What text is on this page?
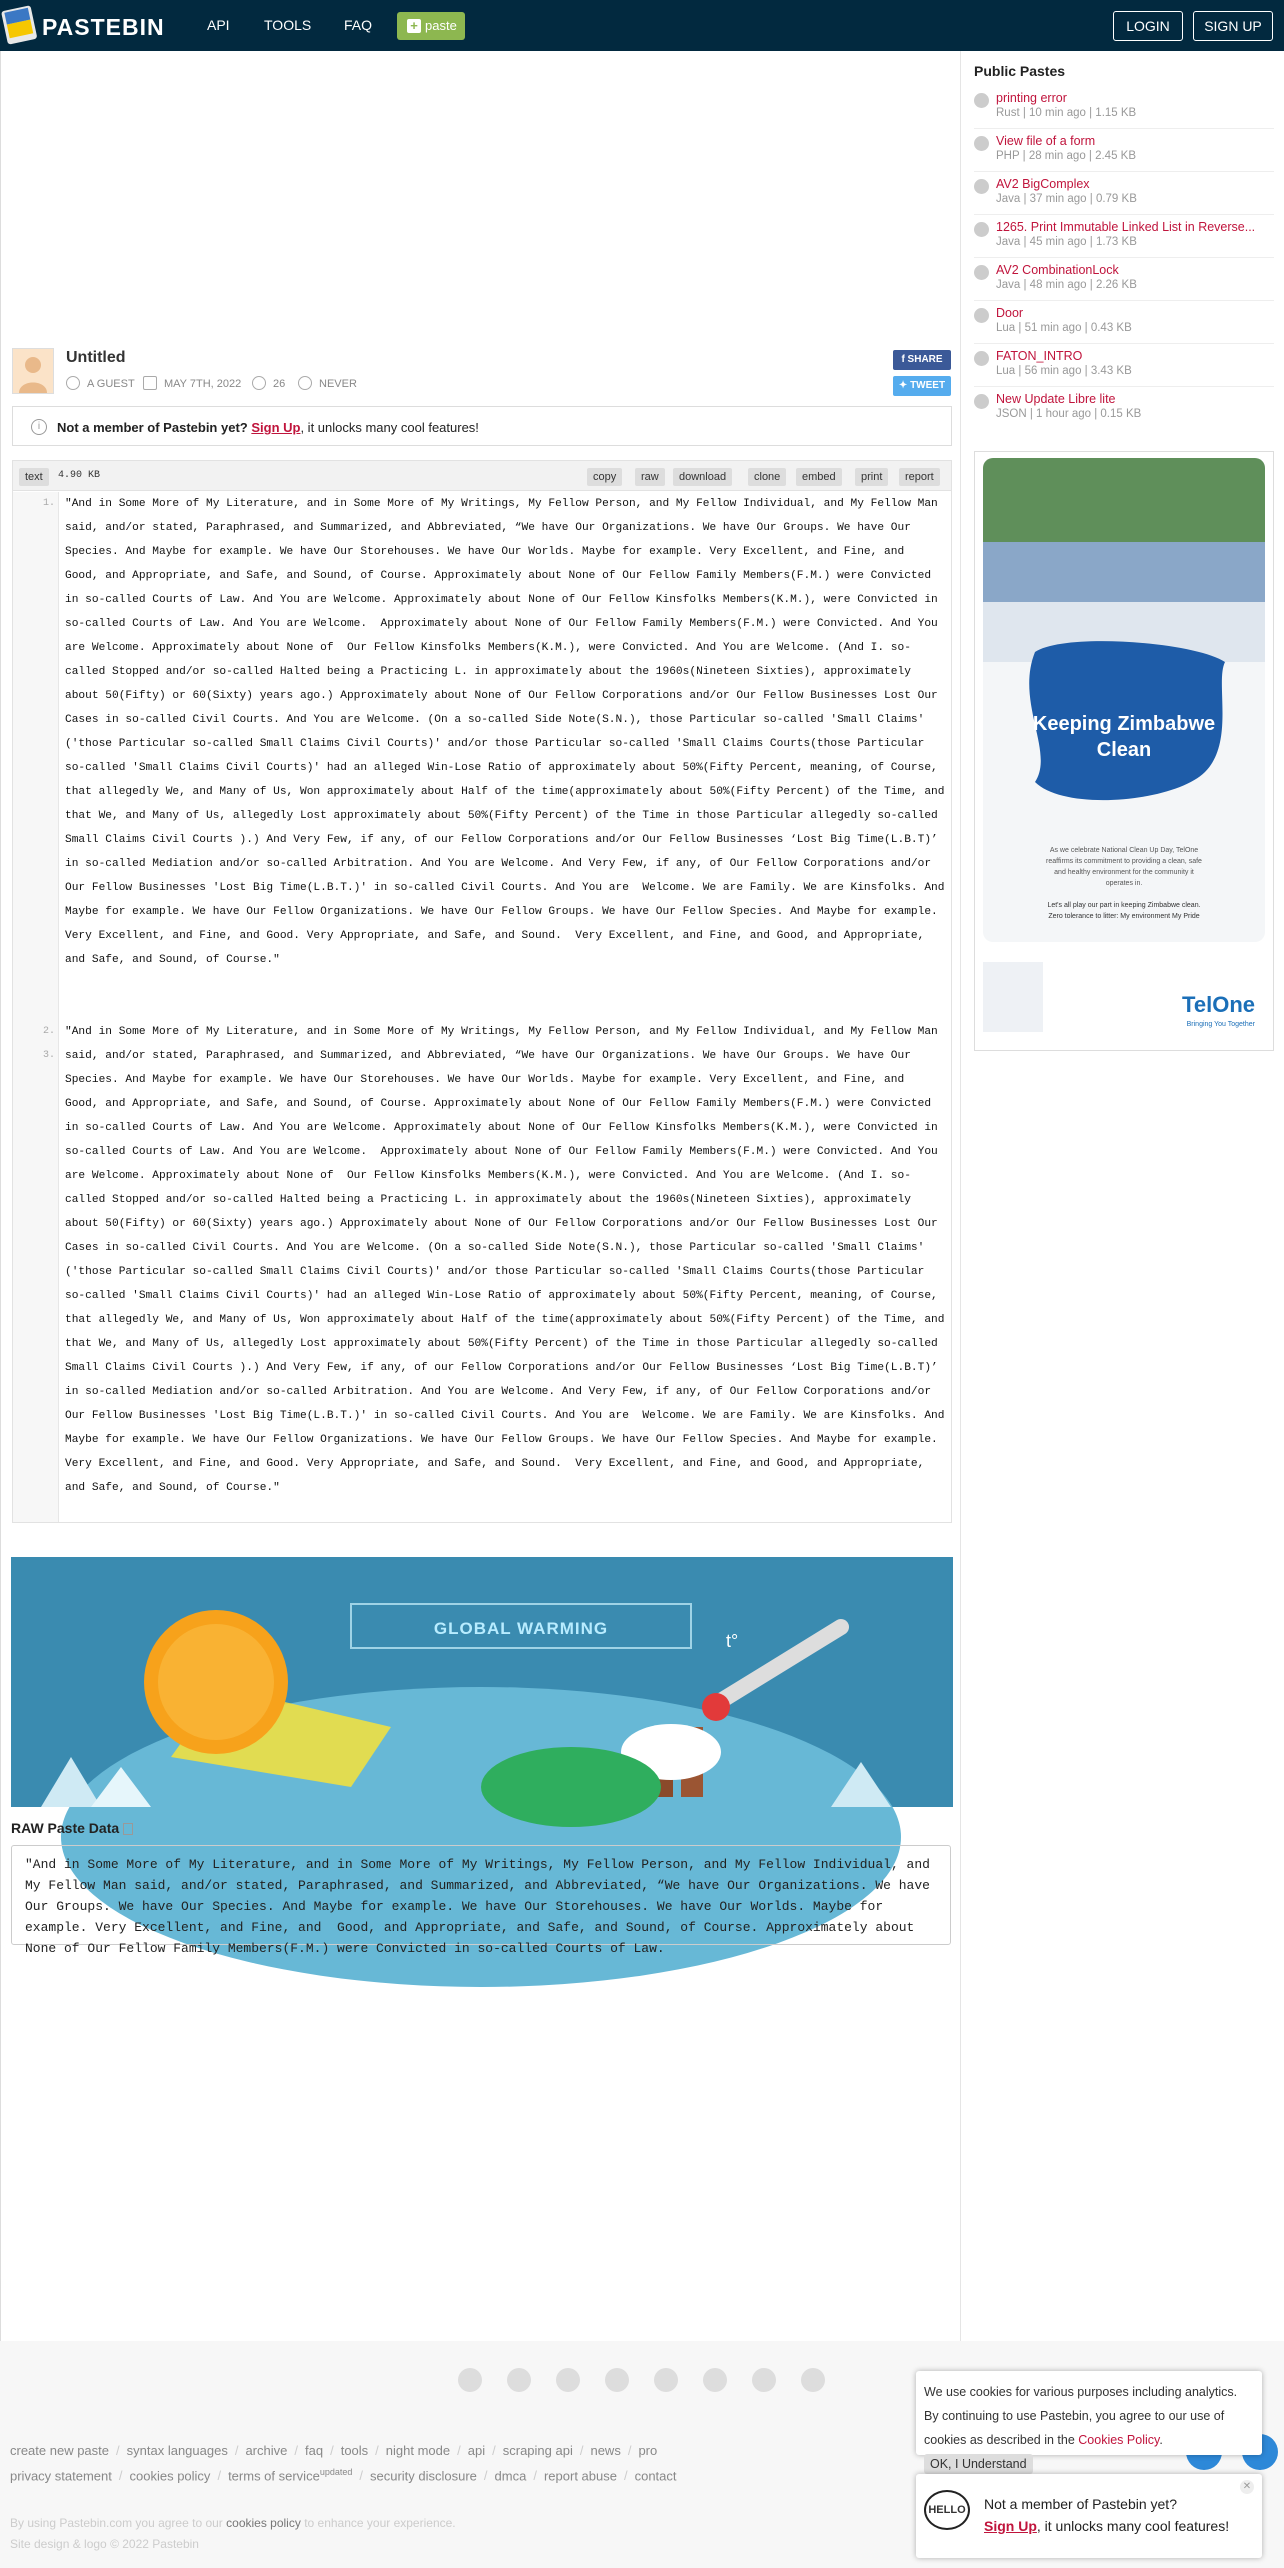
PASTEBIN	API TOOLS FAQ	+ paste	LOGIN	SIGN UP
Public Pastes
printing error
Rust | 10 min ago | 1.15 KB
View file of a form
PHP | 28 min ago | 2.45 KB
AV2 BigComplex
Java | 37 min ago | 0.79 KB
1265. Print Immutable Linked List in Reverse...
Java | 45 min ago | 1.73 KB
AV2 CombinationLock
Java | 48 min ago | 2.26 KB
Door
Lua | 51 min ago | 0.43 KB
FATON_INTRO
Lua | 56 min ago | 3.43 KB
New Update Libre lite
JSON | 1 hour ago | 0.15 KB
Keeping Zimbabwe
Clean
As we celebrate National Clean Up Day, TelOne
reaffirms its commitment to providing a clean, safe
and healthy environment for the community it
operates in.
Let's all play our part in keeping Zimbabwe clean.
Zero tolerance to litter: My environment My Pride
TelOne
Bringing You Together
Untitled
A GUEST	MAY 7TH, 2022	26	NEVER
f SHARE
✦ TWEET
i	Not a member of Pastebin yet? Sign Up, it unlocks many cool features!
text	4.90 KB	copy	raw	download	clone	embed	print	report
1.
2.
3.
"And in Some More of My Literature, and in Some More of My Writings, My Fellow Person, and My Fellow Individual, and My Fellow Man said, and/or stated, Paraphrased, and Summarized, and Abbreviated, “We have Our Organizations. We have Our Groups. We have Our Species. And Maybe for example. We have Our Storehouses. We have Our Worlds. Maybe for example. Very Excellent, and Fine, and  Good, and Appropriate, and Safe, and Sound, of Course. Approximately about None of Our Fellow Family Members(F.M.) were Convicted in so-called Courts of Law. And You are Welcome. Approximately about None of Our Fellow Kinsfolks Members(K.M.), were Convicted in so-called Courts of Law. And You are Welcome.  Approximately about None of Our Fellow Family Members(F.M.) were Convicted. And You are Welcome. Approximately about None of  Our Fellow Kinsfolks Members(K.M.), were Convicted. And You are Welcome. (And I. so-called Stopped and/or so-called Halted being a Practicing L. in approximately about the 1960s(Nineteen Sixties), approximately about 50(Fifty) or 60(Sixty) years ago.) Approximately about None of Our Fellow Corporations and/or Our Fellow Businesses Lost Our Cases in so-called Civil Courts. And You are Welcome. (On a so-called Side Note(S.N.), those Particular so-called 'Small Claims' ('those Particular so-called Small Claims Civil Courts)' and/or those Particular so-called 'Small Claims Courts(those Particular so-called 'Small Claims Civil Courts)' had an alleged Win-Lose Ratio of approximately about 50%(Fifty Percent, meaning, of Course, that allegedly We, and Many of Us, Won approximately about Half of the time(approximately about 50%(Fifty Percent) of the Time, and that We, and Many of Us, allegedly Lost approximately about 50%(Fifty Percent) of the Time in those Particular allegedly so-called Small Claims Civil Courts ).) And Very Few, if any, of our Fellow Corporations and/or Our Fellow Businesses ‘Lost Big Time(L.B.T)’ in so-called Mediation and/or so-called Arbitration. And You are Welcome. And Very Few, if any, of Our Fellow Corporations and/or Our Fellow Businesses 'Lost Big Time(L.B.T.)' in so-called Civil Courts. And You are  Welcome. We are Family. We are Kinsfolks. And Maybe for example. We have Our Fellow Organizations. We have Our Fellow Groups. We have Our Fellow Species. And Maybe for example. Very Excellent, and Fine, and Good. Very Appropriate, and Safe, and Sound.  Very Excellent, and Fine, and Good, and Appropriate, and Safe, and Sound, of Course."
"And in Some More of My Literature, and in Some More of My Writings, My Fellow Person, and My Fellow Individual, and My Fellow Man said, and/or stated, Paraphrased, and Summarized, and Abbreviated, “We have Our Organizations. We have Our Groups. We have Our Species. And Maybe for example. We have Our Storehouses. We have Our Worlds. Maybe for example. Very Excellent, and Fine, and  Good, and Appropriate, and Safe, and Sound, of Course. Approximately about None of Our Fellow Family Members(F.M.) were Convicted in so-called Courts of Law. And You are Welcome. Approximately about None of Our Fellow Kinsfolks Members(K.M.), were Convicted in so-called Courts of Law. And You are Welcome.  Approximately about None of Our Fellow Family Members(F.M.) were Convicted. And You are Welcome. Approximately about None of  Our Fellow Kinsfolks Members(K.M.), were Convicted. And You are Welcome. (And I. so-called Stopped and/or so-called Halted being a Practicing L. in approximately about the 1960s(Nineteen Sixties), approximately about 50(Fifty) or 60(Sixty) years ago.) Approximately about None of Our Fellow Corporations and/or Our Fellow Businesses Lost Our Cases in so-called Civil Courts. And You are Welcome. (On a so-called Side Note(S.N.), those Particular so-called 'Small Claims' ('those Particular so-called Small Claims Civil Courts)' and/or those Particular so-called 'Small Claims Courts(those Particular so-called 'Small Claims Civil Courts)' had an alleged Win-Lose Ratio of approximately about 50%(Fifty Percent, meaning, of Course, that allegedly We, and Many of Us, Won approximately about Half of the time(approximately about 50%(Fifty Percent) of the Time, and that We, and Many of Us, allegedly Lost approximately about 50%(Fifty Percent) of the Time in those Particular allegedly so-called Small Claims Civil Courts ).) And Very Few, if any, of our Fellow Corporations and/or Our Fellow Businesses ‘Lost Big Time(L.B.T)’ in so-called Mediation and/or so-called Arbitration. And You are Welcome. And Very Few, if any, of Our Fellow Corporations and/or Our Fellow Businesses 'Lost Big Time(L.B.T.)' in so-called Civil Courts. And You are  Welcome. We are Family. We are Kinsfolks. And Maybe for example. We have Our Fellow Organizations. We have Our Fellow Groups. We have Our Fellow Species. And Maybe for example. Very Excellent, and Fine, and Good. Very Appropriate, and Safe, and Sound.  Very Excellent, and Fine, and Good, and Appropriate, and Safe, and Sound, of Course."
GLOBAL WARMING
t°
RAW Paste Data
"And in Some More of My Literature, and in Some More of My Writings, My Fellow Person, and My Fellow Individual, and My Fellow Man said, and/or stated, Paraphrased, and Summarized, and Abbreviated, “We have Our Organizations. We have Our Groups. We have Our Species. And Maybe for example. We have Our Storehouses. We have Our Worlds. Maybe for example. Very Excellent, and Fine, and  Good, and Appropriate, and Safe, and Sound, of Course. Approximately about None of Our Fellow Family Members(F.M.) were Convicted in so-called Courts of Law.
create new paste / syntax languages / archive / faq / tools / night mode / api / scraping api / news / pro
privacy statement / cookies policy / terms of service$^{updated}$ / security disclosure / dmca / report abuse / contact
By using Pastebin.com you agree to our cookies policy to enhance your experience.
Site design & logo © 2022 Pastebin
We use cookies for various purposes including analytics. By continuing to use Pastebin, you agree to our use of cookies as described in the Cookies Policy. OK, I Understand
✕
HELLO	Not a member of Pastebin yet?
Sign Up, it unlocks many cool features!
